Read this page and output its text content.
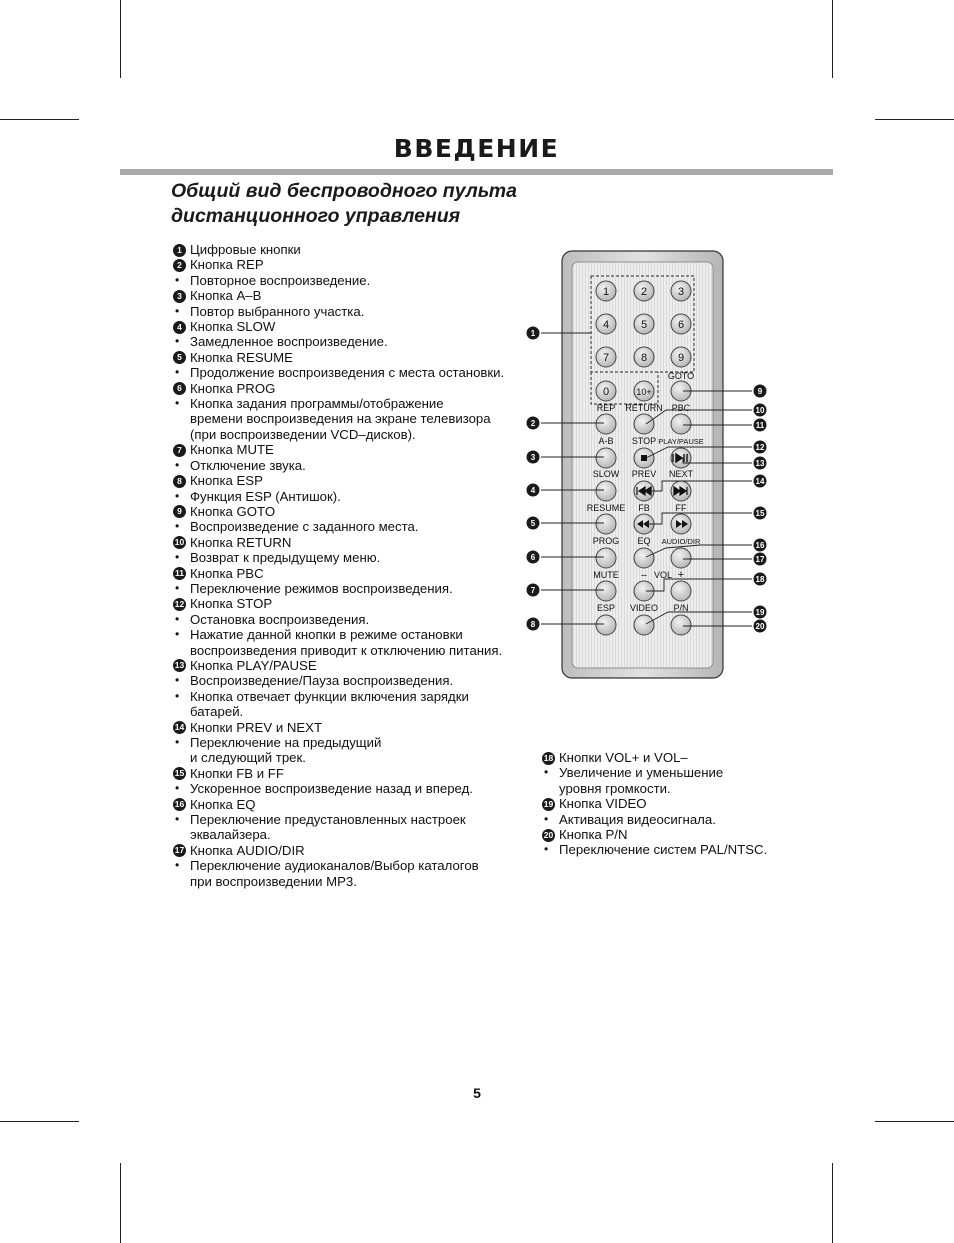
ВВЕДЕНИЕ
Общий вид беспроводного пульта
дистанционного управления
1 Цифровые кнопки
2 Кнопка REP
• Повторное воспроизведение.
3 Кнопка A–B
• Повтор выбранного участка.
4 Кнопка SLOW
• Замедленное воспроизведение.
5 Кнопка RESUME
• Продолжение воспроизведения с места остановки.
6 Кнопка PROG
• Кнопка задания программы/отображение
времени воспроизведения на экране телевизора
(при воспроизведении VCD–дисков).
7 Кнопка MUTE
• Отключение звука.
8 Кнопка ESP
• Функция ESP (Антишок).
9 Кнопка GOTO
• Воспроизведение с заданного места.
10 Кнопка RETURN
• Возврат к предыдущему меню.
11 Кнопка PBC
• Переключение режимов воспроизведения.
12 Кнопка STOP
• Остановка воспроизведения.
• Нажатие данной кнопки в режиме остановки
воспроизведения приводит к отключению питания.
13 Кнопка PLAY/PAUSE
• Воспроизведение/Пауза воспроизведения.
• Кнопка отвечает функции включения зарядки
батарей.
14 Кнопки PREV и NEXT
• Переключение на предыдущий
и следующий трек.
15 Кнопки FB и FF
• Ускоренное воспроизведение назад и вперед.
16 Кнопка EQ
• Переключение предустановленных настроек
эквалайзера.
17 Кнопка AUDIO/DIR
• Переключение аудиоканалов/Выбор каталогов
при воспроизведении MP3.
18 Кнопки VOL+ и VOL–
• Увеличение и уменьшение
уровня громкости.
19 Кнопка VIDEO
• Активация видеосигнала.
20 Кнопка P/N
• Переключение систем PAL/NTSC.
1	2	3
4	5	6
7	8	9
0	10+
GOTO
REP RETURN PBC
A-B STOP PLAY/PAUSE
SLOW PREV NEXT
RESUME FB	FF
PROG EQ AUDIO/DIR
ESP VIDEO P/N
MUTE – VOL +
1
2
3
4
5
6
7
8
9
10
11
12
13
14
15
16
17
18
19
20
5
